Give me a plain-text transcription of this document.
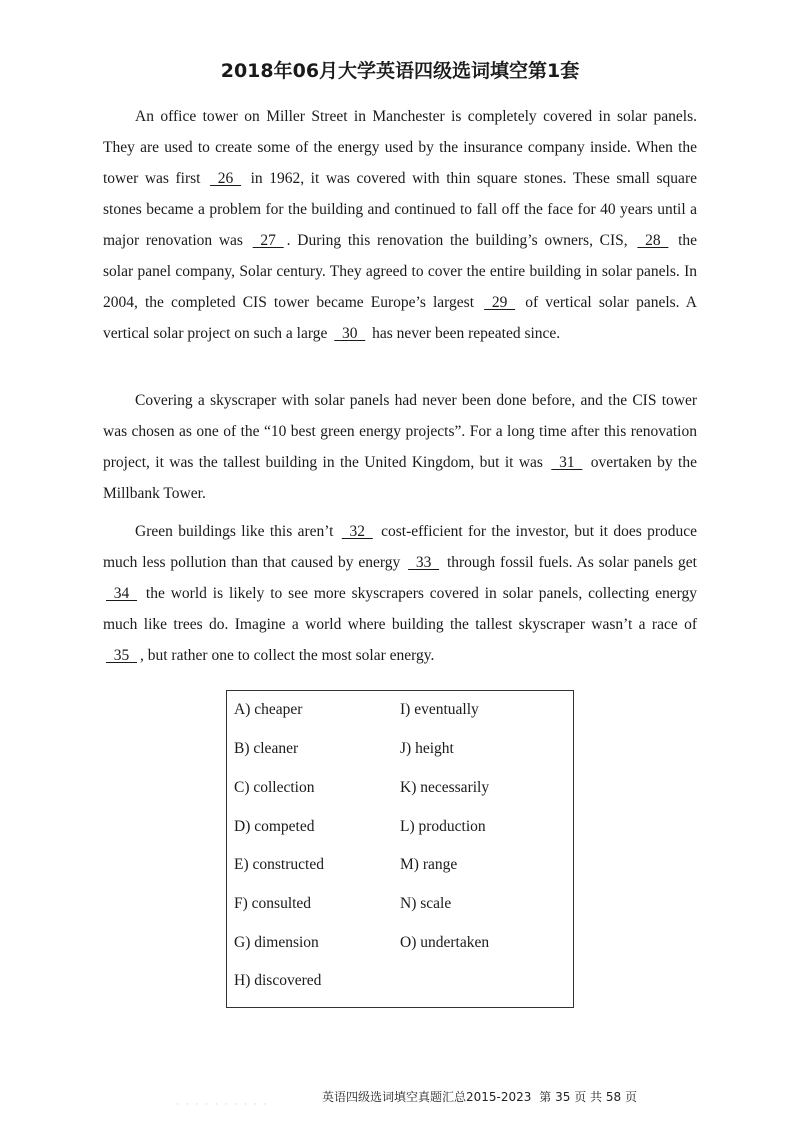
2018年06月大学英语四级选词填空第1套

An office tower on Miller Street in Manchester is completely covered in solar panels. They are used to create some of the energy used by the insurance company inside. When the tower was first   26   in 1962, it was covered with thin square stones. These small square stones became a problem for the building and continued to fall off the face for 40 years until a major renovation was   27  . During this renovation the building’s owners, CIS,   28   the solar panel company, Solar century. They agreed to cover the entire building in solar panels. In 2004, the completed CIS tower became Europe’s largest   29   of vertical solar panels. A vertical solar project on such a large   30   has never been repeated since.

Covering a skyscraper with solar panels had never been done before, and the CIS tower was chosen as one of the “10 best green energy projects”. For a long time after this renovation project, it was the tallest building in the United Kingdom, but it was   31   overtaken by the Millbank Tower.

Green buildings like this aren’t   32   cost-efficient for the investor, but it does produce much less pollution than that caused by energy   33   through fossil fuels. As solar panels get   34   the world is likely to see more skyscrapers covered in solar panels, collecting energy much like trees do. Imagine a world where building the tallest skyscraper wasn’t a race of   35  , but rather one to collect the most solar energy.

A) cheaper
B) cleaner
C) collection
D) competed
E) constructed
F) consulted
G) dimension
H) discovered
I) eventually
J) height
K) necessarily
L) production
M) range
N) scale
O) undertaken
· · · · · · · · · ·
英语四级选词填空真题汇总2015-2023 第 35 页 共 58 页
